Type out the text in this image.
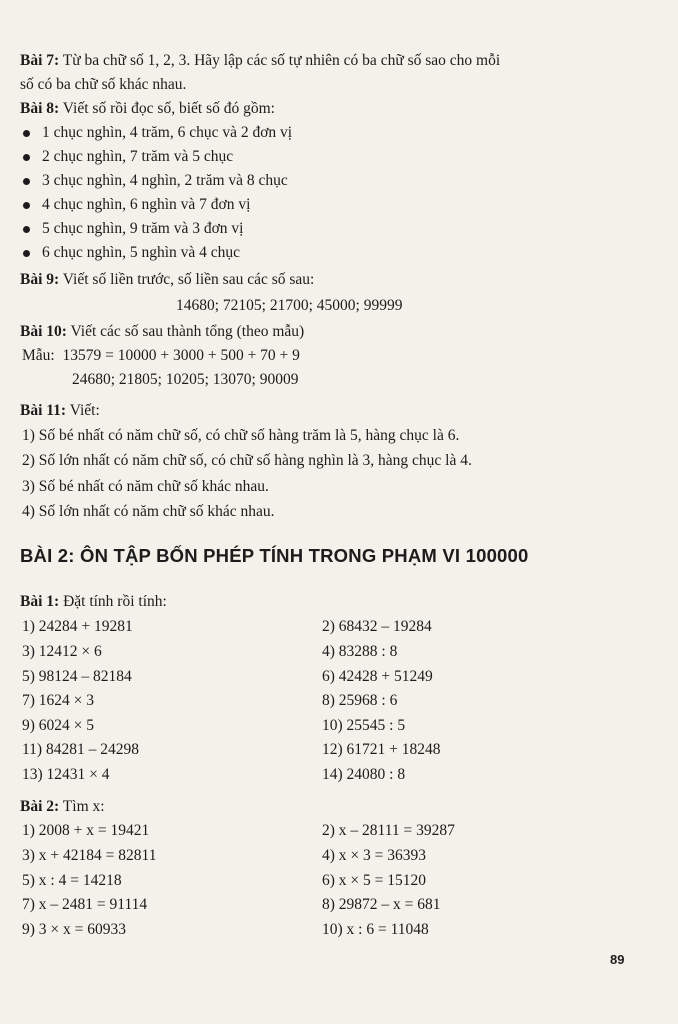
Bài 7: Từ ba chữ số 1, 2, 3. Hãy lập các số tự nhiên có ba chữ số sao cho mỗi
số có ba chữ số khác nhau.
Bài 8: Viết số rồi đọc số, biết số đó gồm:
1 chục nghìn, 4 trăm, 6 chục và 2 đơn vị
2 chục nghìn, 7 trăm và 5 chục
3 chục nghìn, 4 nghìn, 2 trăm và 8 chục
4 chục nghìn, 6 nghìn và 7 đơn vị
5 chục nghìn, 9 trăm và 3 đơn vị
6 chục nghìn, 5 nghìn và 4 chục
Bài 9: Viết số liền trước, số liền sau các số sau:
14680; 72105; 21700; 45000; 99999
Bài 10: Viết các số sau thành tổng (theo mẫu)
Mẫu:  13579 = 10000 + 3000 + 500 + 70 + 9
24680; 21805; 10205; 13070; 90009
Bài 11: Viết:
1) Số bé nhất có năm chữ số, có chữ số hàng trăm là 5, hàng chục là 6.
2) Số lớn nhất có năm chữ số, có chữ số hàng nghìn là 3, hàng chục là 4.
3) Số bé nhất có năm chữ số khác nhau.
4) Số lớn nhất có năm chữ số khác nhau.
BÀI 2: ÔN TẬP BỐN PHÉP TÍNH TRONG PHẠM VI 100000
Bài 1: Đặt tính rồi tính:
1) 24284 + 19281
3) 12412 × 6
5) 98124 – 82184
7) 1624 × 3
9) 6024 × 5
11) 84281 – 24298
13) 12431 × 4
2) 68432 – 19284
4) 83288 : 8
6) 42428 + 51249
8) 25968 : 6
10) 25545 : 5
12) 61721 + 18248
14) 24080 : 8
Bài 2: Tìm x:
1) 2008 + x = 19421
3) x + 42184 = 82811
5) x : 4 = 14218
7) x – 2481 = 91114
9) 3 × x = 60933
2) x – 28111 = 39287
4) x × 3 = 36393
6) x × 5 = 15120
8) 29872 – x = 681
10) x : 6 = 11048
89
